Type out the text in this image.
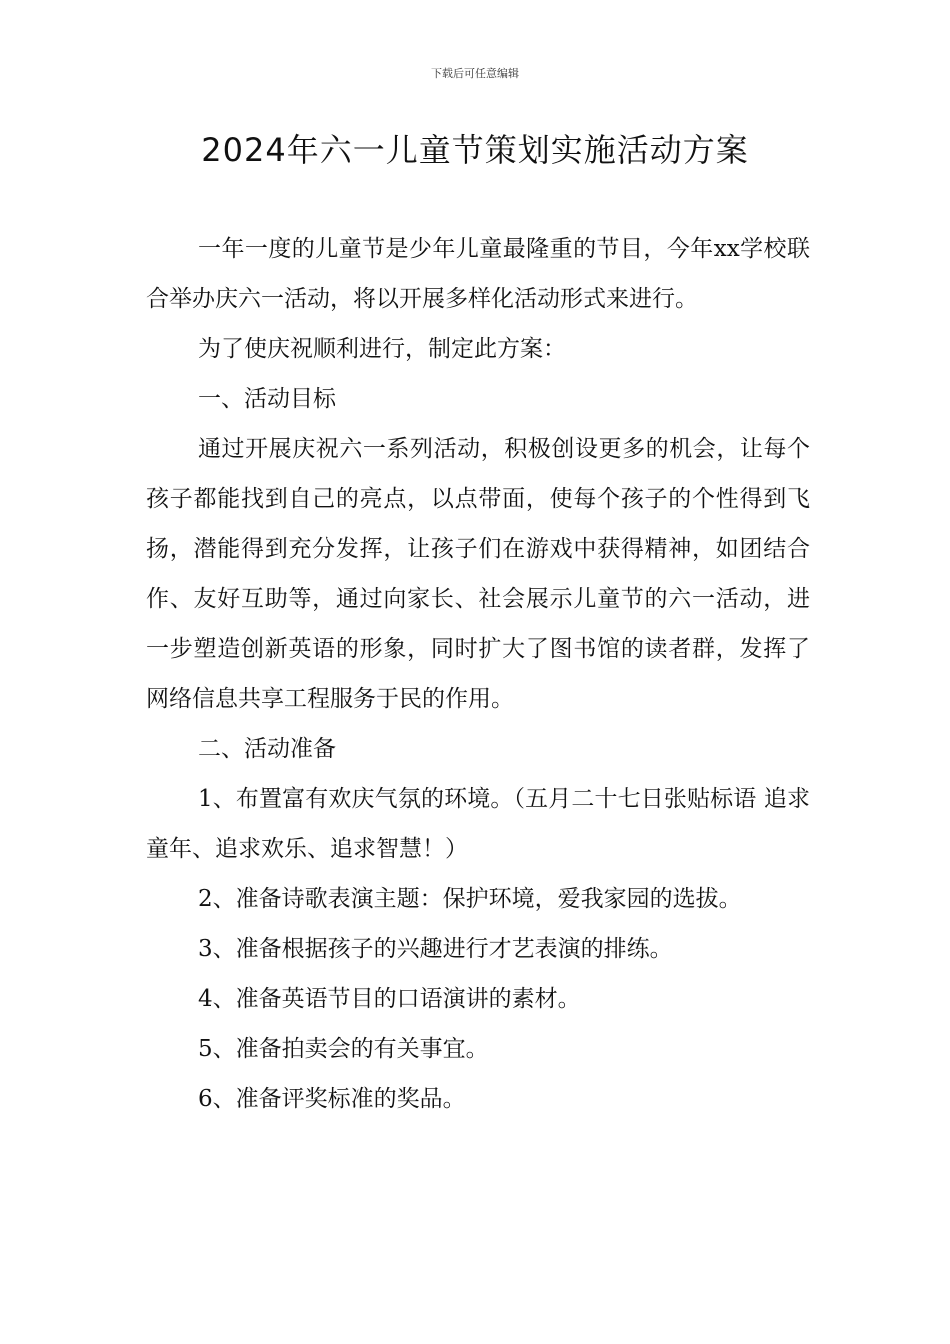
下载后可任意编辑
2024年六一儿童节策划实施活动方案

一年一度的儿童节是少年儿童最隆重的节目，今年xx学校联合举办庆六一活动，将以开展多样化活动形式来进行。

为了使庆祝顺利进行，制定此方案：

一、活动目标

通过开展庆祝六一系列活动，积极创设更多的机会，让每个孩子都能找到自己的亮点，以点带面，使每个孩子的个性得到飞扬，潜能得到充分发挥，让孩子们在游戏中获得精神，如团结合作、友好互助等，通过向家长、社会展示儿童节的六一活动，进一步塑造创新英语的形象，同时扩大了图书馆的读者群，发挥了网络信息共享工程服务于民的作用。

二、活动准备

1、布置富有欢庆气氛的环境。（五月二十七日张贴标语 追求童年、追求欢乐、追求智慧！）

2、准备诗歌表演主题：保护环境，爱我家园的选拔。

3、准备根据孩子的兴趣进行才艺表演的排练。

4、准备英语节目的口语演讲的素材。

5、准备拍卖会的有关事宜。

6、准备评奖标准的奖品。
